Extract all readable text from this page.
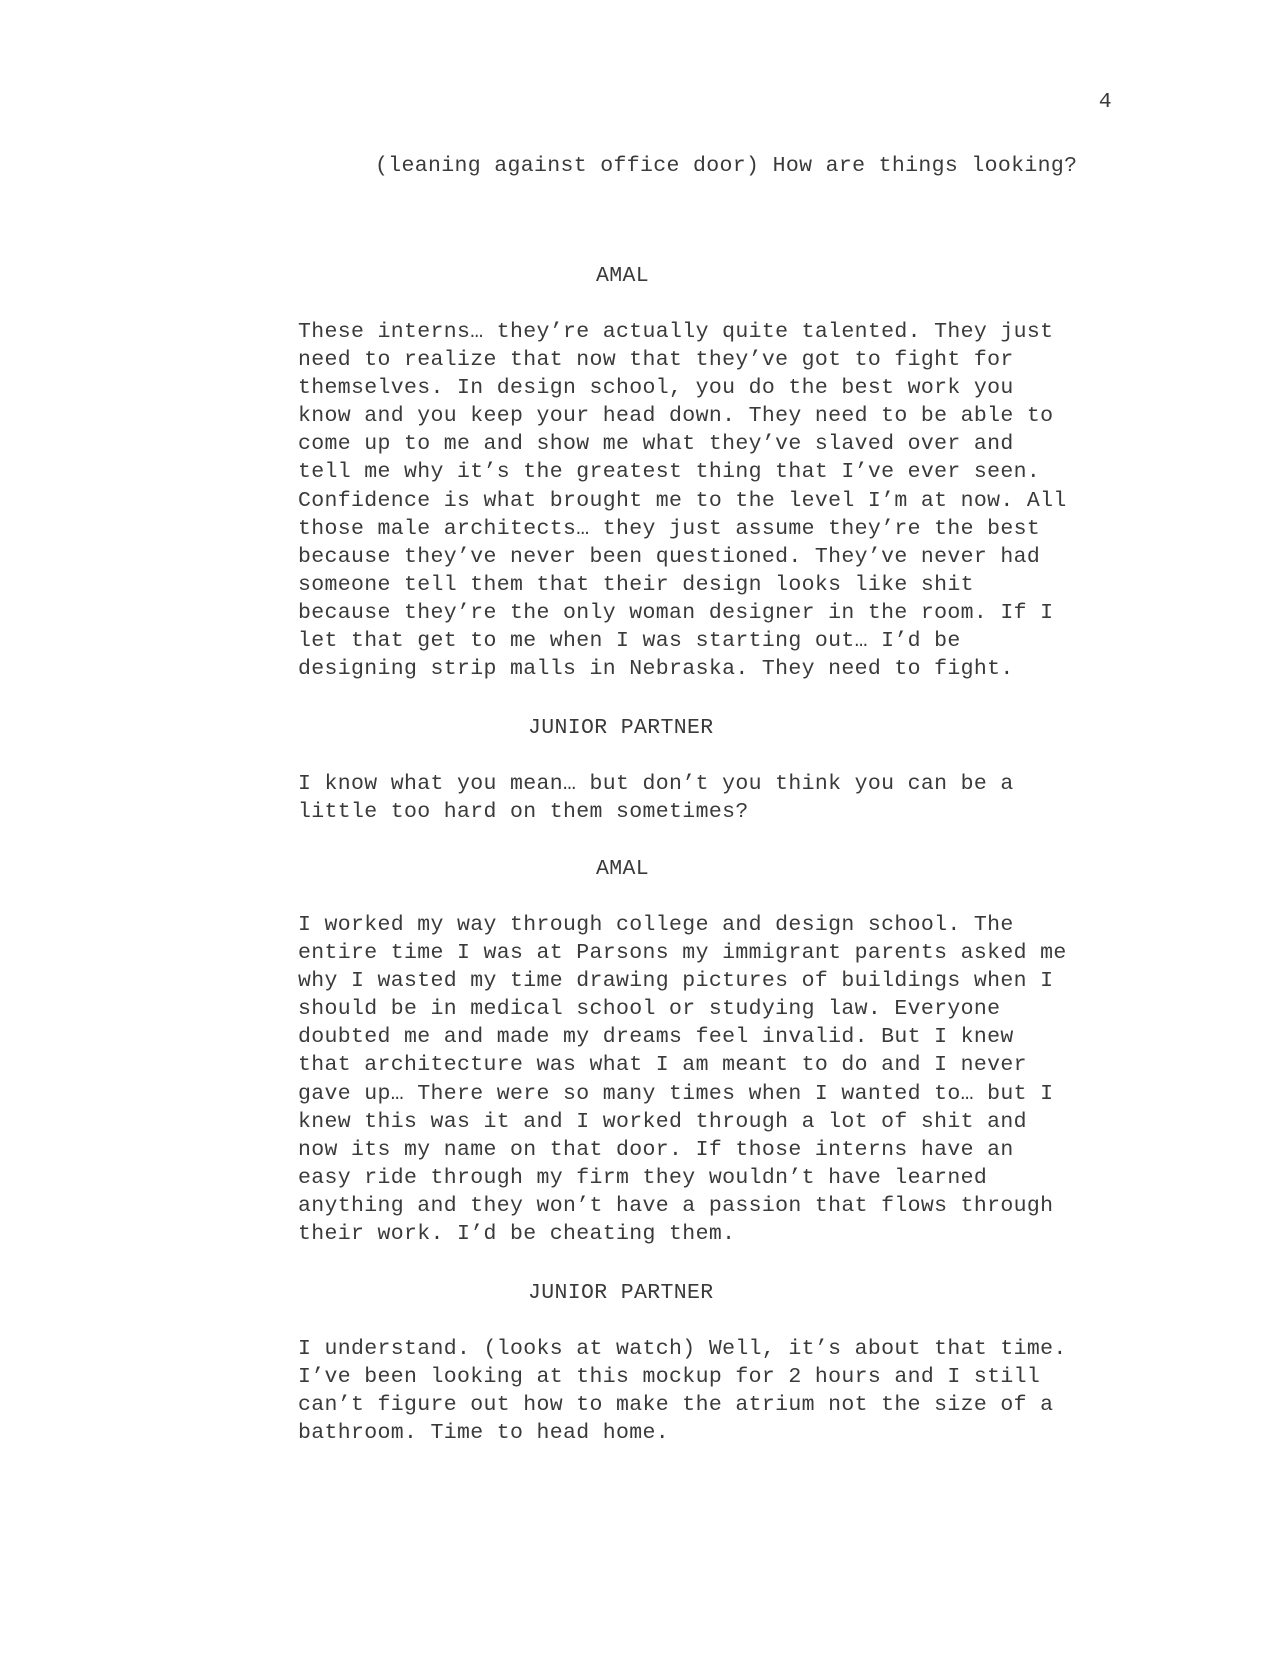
4
(leaning against office door) How are things looking?
AMAL
These interns… they’re actually quite talented. They just
need to realize that now that they’ve got to fight for
themselves. In design school, you do the best work you
know and you keep your head down. They need to be able to
come up to me and show me what they’ve slaved over and
tell me why it’s the greatest thing that I’ve ever seen.
Confidence is what brought me to the level I’m at now. All
those male architects… they just assume they’re the best
because they’ve never been questioned. They’ve never had
someone tell them that their design looks like shit
because they’re the only woman designer in the room. If I
let that get to me when I was starting out… I’d be
designing strip malls in Nebraska. They need to fight.
JUNIOR PARTNER
I know what you mean… but don’t you think you can be a
little too hard on them sometimes?
AMAL
I worked my way through college and design school. The
entire time I was at Parsons my immigrant parents asked me
why I wasted my time drawing pictures of buildings when I
should be in medical school or studying law. Everyone
doubted me and made my dreams feel invalid. But I knew
that architecture was what I am meant to do and I never
gave up… There were so many times when I wanted to… but I
knew this was it and I worked through a lot of shit and
now its my name on that door. If those interns have an
easy ride through my firm they wouldn’t have learned
anything and they won’t have a passion that flows through
their work. I’d be cheating them.
JUNIOR PARTNER
I understand. (looks at watch) Well, it’s about that time.
I’ve been looking at this mockup for 2 hours and I still
can’t figure out how to make the atrium not the size of a
bathroom. Time to head home.
